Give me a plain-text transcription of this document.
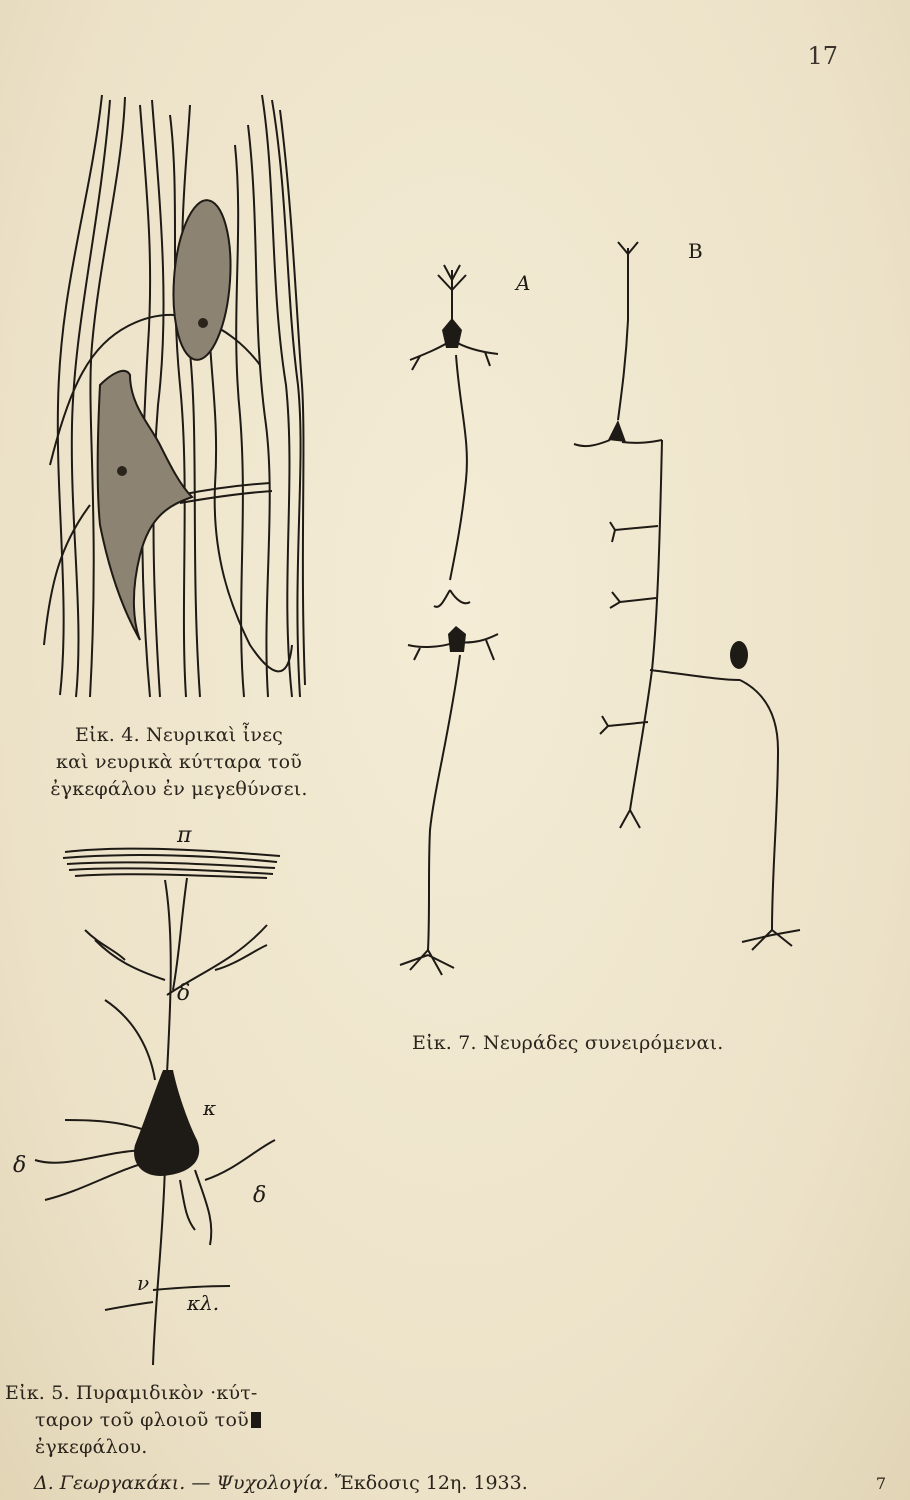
17
Εἰκ. 4. Νευρικαὶ ἶνες
καὶ νευρικὰ κύτταρα τοῦ
ἐγκεφάλου ἐν μεγεθύνσει.
π
δ
κ
δ
δ
ν
κλ.
Εἰκ. 5. Πυραμιδικὸν ·κύτ-
ταρον τοῦ φλοιοῦ τοῦ
ἐγκεφάλου.
Α
Β
Εἰκ. 7. Νευράδες συνειρόμεναι.
Δ. Γεωργακάκι. — Ψυχολογία. Ἔκδοσις 12η. 1933.	7
